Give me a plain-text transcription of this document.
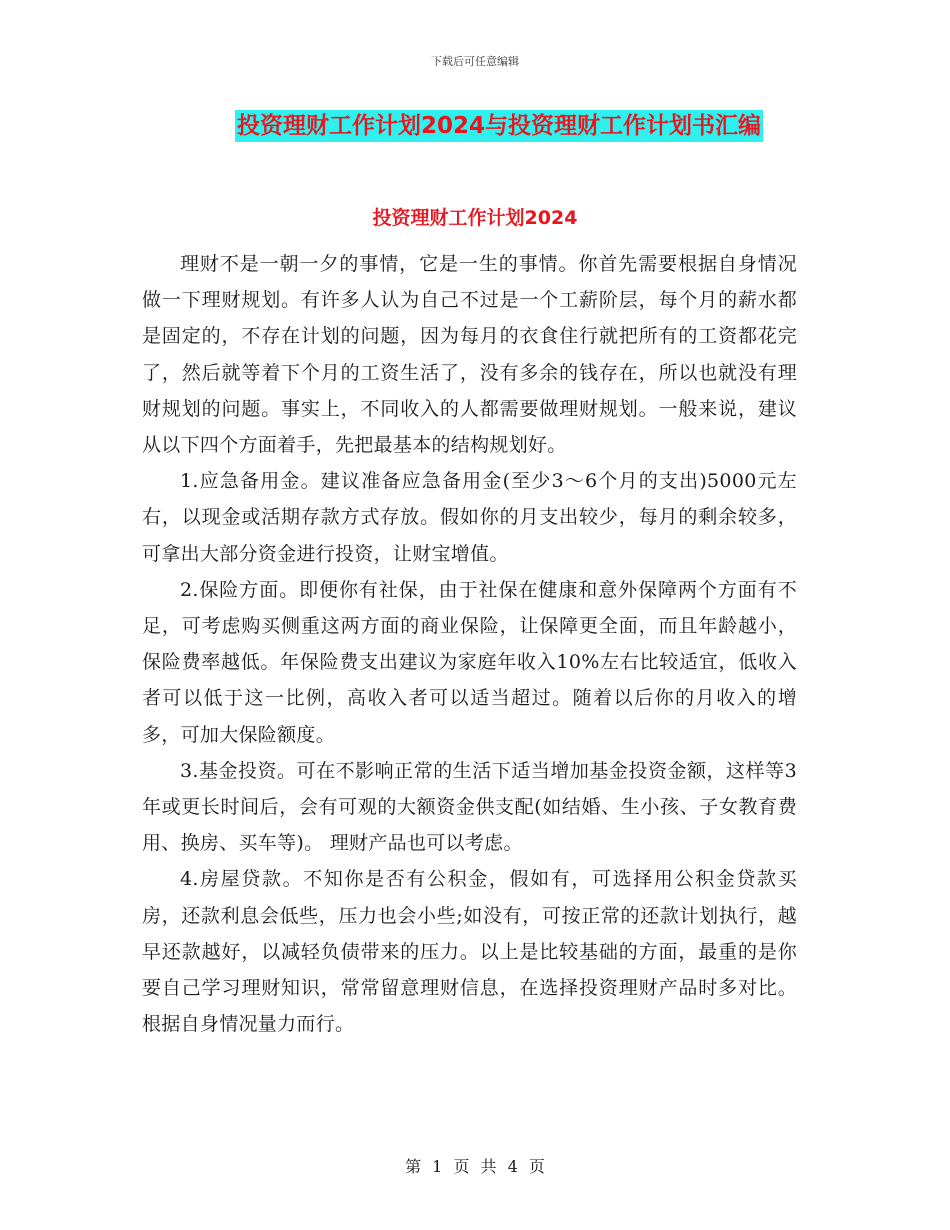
下载后可任意编辑
投资理财工作计划2024与投资理财工作计划书汇编
投资理财工作计划2024

理财不是一朝一夕的事情，它是一生的事情。你首先需要根据自身情况做一下理财规划。有许多人认为自己不过是一个工薪阶层，每个月的薪水都是固定的，不存在计划的问题，因为每月的衣食住行就把所有的工资都花完了，然后就等着下个月的工资生活了，没有多余的钱存在，所以也就没有理财规划的问题。事实上，不同收入的人都需要做理财规划。一般来说，建议从以下四个方面着手，先把最基本的结构规划好。

1.应急备用金。建议准备应急备用金(至少3～6个月的支出)5000元左右，以现金或活期存款方式存放。假如你的月支出较少，每月的剩余较多，可拿出大部分资金进行投资，让财宝增值。

2.保险方面。即便你有社保，由于社保在健康和意外保障两个方面有不足，可考虑购买侧重这两方面的商业保险，让保障更全面，而且年龄越小，保险费率越低。年保险费支出建议为家庭年收入10%左右比较适宜，低收入者可以低于这一比例，高收入者可以适当超过。随着以后你的月收入的增多，可加大保险额度。

3.基金投资。可在不影响正常的生活下适当增加基金投资金额，这样等3年或更长时间后，会有可观的大额资金供支配(如结婚、生小孩、子女教育费用、换房、买车等)。 理财产品也可以考虑。

4.房屋贷款。不知你是否有公积金，假如有，可选择用公积金贷款买房，还款利息会低些，压力也会小些;如没有，可按正常的还款计划执行，越早还款越好，以减轻负债带来的压力。以上是比较基础的方面，最重的是你要自己学习理财知识，常常留意理财信息，在选择投资理财产品时多对比。根据自身情况量力而行。

第 1 页 共 4 页
